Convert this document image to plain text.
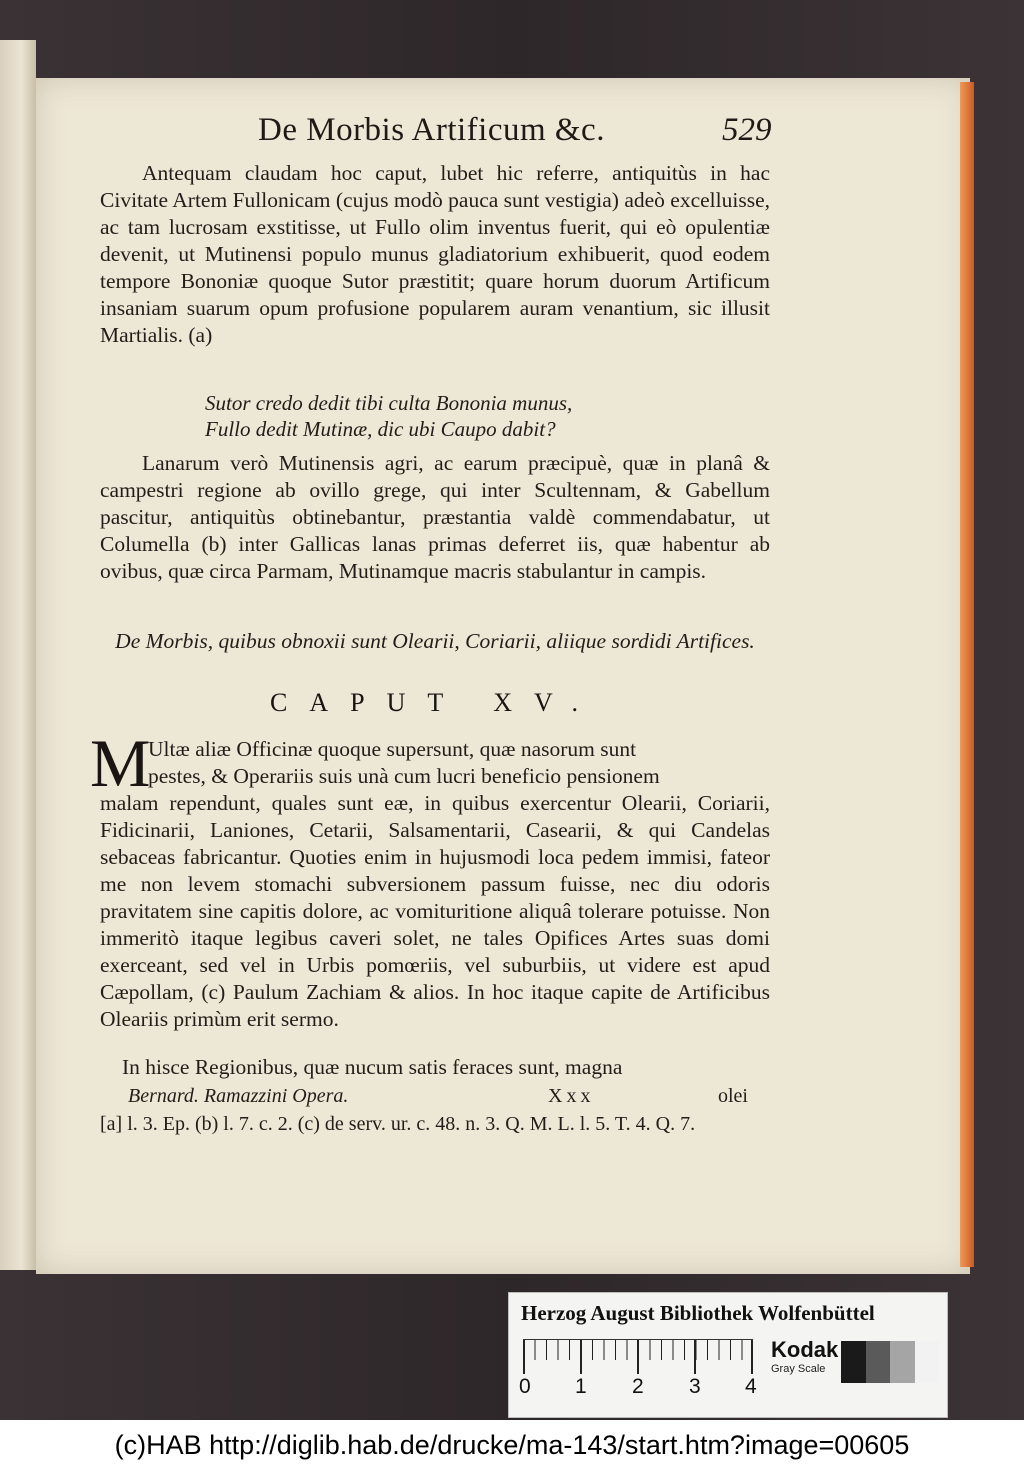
De Morbis Artificum &c.	529
Antequam claudam hoc caput, lubet hic referre, antiquitùs in hac Civitate Artem Fullonicam (cujus modò pauca sunt vestigia) adeò excelluisse, ac tam lucrosam exstitisse, ut Fullo olim inventus fuerit, qui eò opulentiæ devenit, ut Mutinensi populo munus gladiatorium exhibuerit, quod eodem tempore Bononiæ quoque Sutor præstitit; quare horum duorum Artificum insaniam suarum opum profusione popularem auram venantium, sic illusit Martialis. (a)
Sutor credo dedit tibi culta Bononia munus,
Fullo dedit Mutinæ, dic ubi Caupo dabit?
Lanarum verò Mutinensis agri, ac earum præcipuè, quæ in planâ & campestri regione ab ovillo grege, qui inter Scultennam, & Gabellum pascitur, antiquitùs obtinebantur, præstantia valdè commendabatur, ut Columella (b) inter Gallicas lanas primas deferret iis, quæ habentur ab ovibus, quæ circa Parmam, Mutinamque macris stabulantur in campis.
De Morbis, quibus obnoxii sunt Olearii, Coriarii, aliique sordidi Artifices.
CAPUT XV.
M
Ultæ aliæ Officinæ quoque supersunt, quæ nasorum sunt
pestes, & Operariis suis unà cum lucri beneficio pensionem
malam rependunt, quales sunt eæ, in quibus exercentur Olearii, Coriarii, Fidicinarii, Laniones, Cetarii, Salsamentarii, Casearii, & qui Candelas sebaceas fabricantur. Quoties enim in hujusmodi loca pedem immisi, fateor me non levem stomachi subversionem passum fuisse, nec diu odoris pravitatem sine capitis dolore, ac vomituritione aliquâ tolerare potuisse. Non immeritò itaque legibus caveri solet, ne tales Opifices Artes suas domi exerceant, sed vel in Urbis pomœriis, vel suburbiis, ut videre est apud Cæpollam, (c) Paulum Zachiam & alios. In hoc itaque capite de Artificibus Oleariis primùm erit sermo.
In hisce Regionibus, quæ nucum satis feraces sunt, magna
Bernard. Ramazzini Opera.	Xxx	olei
[a] l. 3. Ep. (b) l. 7. c. 2. (c) de serv. ur. c. 48. n. 3. Q. M. L. l. 5. T. 4. Q. 7.
Herzog August Bibliothek Wolfenbüttel
0 1 2 3 4
Kodak
Gray Scale
(c)HAB http://diglib.hab.de/drucke/ma-143/start.htm?image=00605
